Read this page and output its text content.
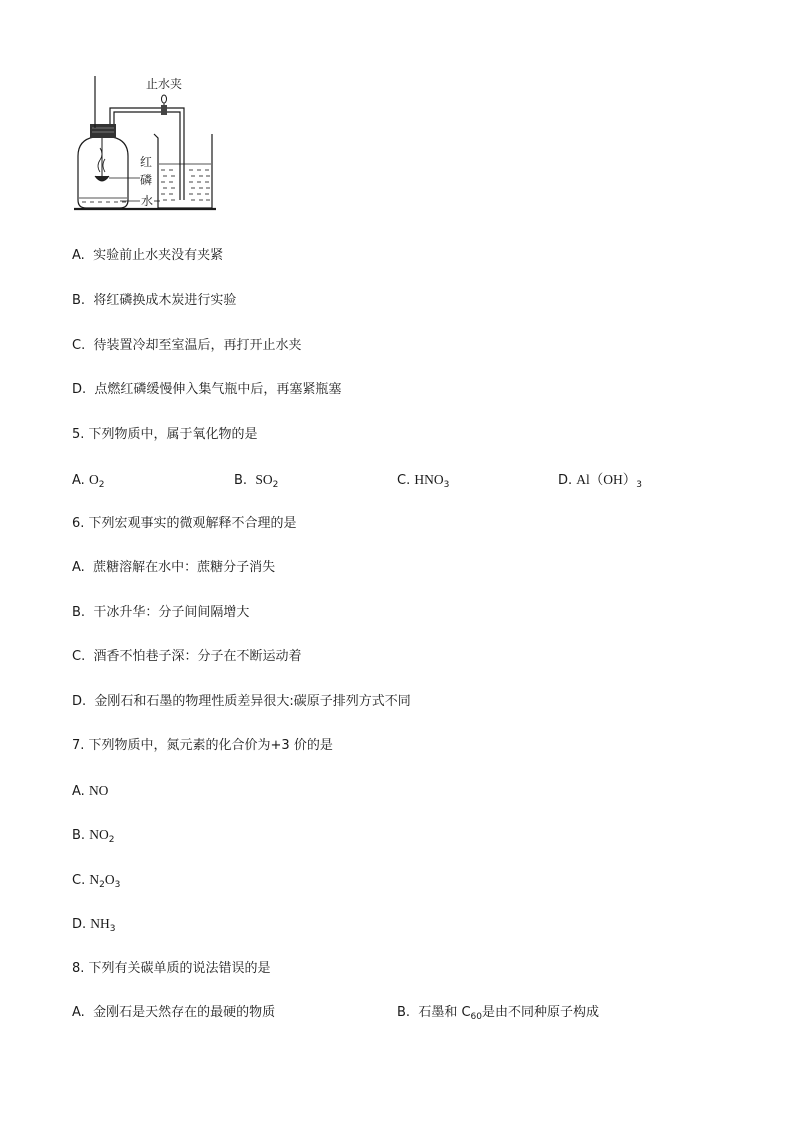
止水夹
红
磷
水
A. 实验前止水夹没有夹紧
B. 将红磷换成木炭进行实验
C. 待装置冷却至室温后，再打开止水夹
D. 点燃红磷缓慢伸入集气瓶中后，再塞紧瓶塞
5. 下列物质中，属于氧化物的是
A. $O_2$	B. $SO_2$	C. $HNO_3$	D. $Al(OH)_3$
6. 下列宏观事实的微观解释不合理的是
A. 蔗糖溶解在水中：蔗糖分子消失
B. 干冰升华：分子间间隔增大
C. 酒香不怕巷子深：分子在不断运动着
D. 金刚石和石墨的物理性质差异很大:碳原子排列方式不同
7. 下列物质中，氮元素的化合价为+3 价的是
A. NO
B. $NO_2$
C. $N_2O_3$
D. $NH_3$
8. 下列有关碳单质的说法错误的是
A. 金刚石是天然存在的最硬的物质	B. 石墨和 $C_{60}$是由不同种原子构成
